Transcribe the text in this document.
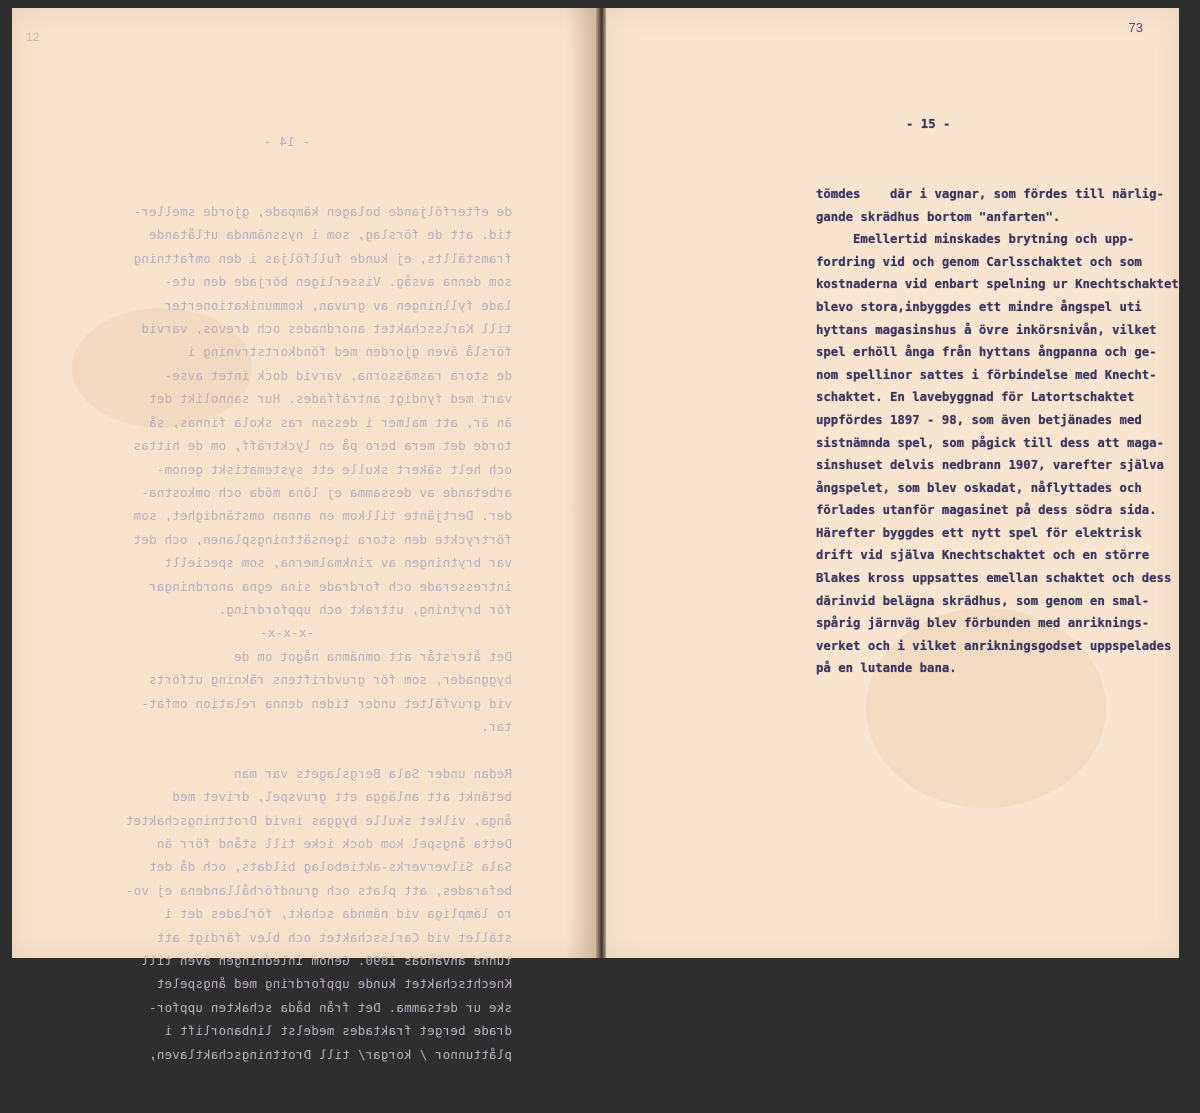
12

- 14 -

de efterföljande bolagen kämpade, gjorde smeller-
tid. att de förslag, som i nyssnämnda utlåtande
framställts, ej kunde fullföljas i den omfattning
som denna avsåg. Visserligen började den ute-
lade fyllningen av gruvan, kommunikationerter
till Karlsschaktet anordnades och drevos, varvid
förslå även gjorden med föndkortstrvning i
de stora rasmässorna, varvid dock intet avse-
vart med fyndigt anträffades. Hur sannolikt det
än är, att malmer i dessan ras skola finnas, så
torde det mera bero på en lyckträff, om de hittas
och helt säkert skulle ett systematiskt genom-
arbetande av dessamma ej löna möda och omkostna-
der. Dertjänte tillkom en annan omständighet, som
förtryckte den stora igensättningsplanen, och det
var brytningen av zinkmalmerna, som speciellt
intresserade och fordrade sina egna anordningar
för brytning, uttrakt och uppfordring.
-x-x-x-
Det återstår att omnämna något om de
byggnader, som för gruvdriftens räkning utförts
vid gruvfältet under tiden denna relation omfat-
tar.

Redan under Sala Bergslagets var man
betänkt att anlägga ett gruvspel, drivet med
ånga, vilket skulle byggas invid Drottningschaktet
Detta ångspel kom dock icke till stånd förr än
Sala Silververks-aktiebolag bildats, och då det
befarades, att plats och grundförhållandena ej vo-
ro lämpliga vid nämnda schakt, förlades det i
stället vid Carlsschaktet och blev färdigt att
tunna användas 1890. Genom inledningen även till
Knechtschaktet kunde uppfordring med ångspelet
ske ur detsamma. Det från båda schakten uppfor-
drade berget fraktades medelst linbanorlift i
plåttunnor / korgar/ till Drottningschaktlaven,

73

- 15 -

tömdes    där i vagnar, som fördes till närlig-
gande skrädhus bortom "anfarten".
Emellertid minskades brytning och upp-
fordring vid och genom Carlsschaktet och som
kostnaderna vid enbart spelning ur Knechtschaktet
blevo stora,inbyggdes ett mindre ångspel uti
hyttans magasinshus å övre inkörsnivån, vilket
spel erhöll ånga från hyttans ångpanna och ge-
nom spellinor sattes i förbindelse med Knecht-
schaktet. En lavebyggnad för Latortschaktet
uppfördes 1897 - 98, som även betjänades med
sistnämnda spel, som pågick till dess att maga-
sinshuset delvis nedbrann 1907, varefter själva
ångspelet, som blev oskadat, nåflyttades och
förlades utanför magasinet på dess södra sida.
Härefter byggdes ett nytt spel för elektrisk
drift vid själva Knechtschaktet och en större
Blakes kross uppsattes emellan schaktet och dess
därinvid belägna skrädhus, som genom en smal-
spårig järnväg blev förbunden med anriknings-
verket och i vilket anrikningsgodset uppspelades
på en lutande bana.
